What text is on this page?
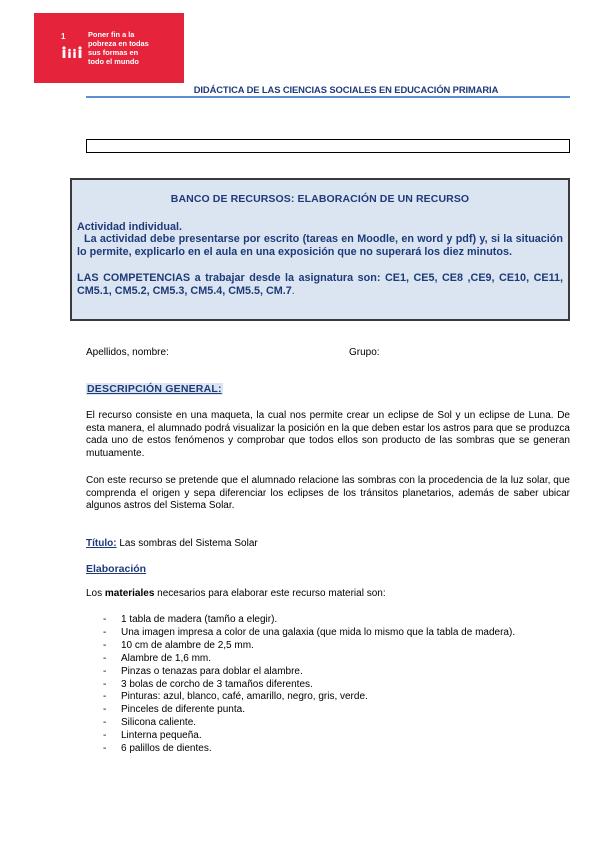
1	Poner fin a la
pobreza en todas
sus formas en
todo el mundo
DIDÁCTICA DE LAS CIENCIAS SOCIALES EN EDUCACIÓN PRIMARIA
BANCO DE RECURSOS: ELABORACIÓN DE UN RECURSO

Actividad individual.

La actividad debe presentarse por escrito (tareas en Moodle, en word y pdf) y, si la situación lo permite, explicarlo en el aula en una exposición que no superará los diez minutos.

LAS COMPETENCIAS a trabajar desde la asignatura son: CE1, CE5, CE8 ,CE9, CE10, CE11, CM5.1, CM5.2, CM5.3, CM5.4, CM5.5, CM.7.

Apellidos, nombre:	Grupo:
DESCRIPCIÓN GENERAL:

El recurso consiste en una maqueta, la cual nos permite crear un eclipse de Sol y un eclipse de Luna. De esta manera, el alumnado podrá visualizar la posición en la que deben estar los astros para que se produzca cada uno de estos fenómenos y comprobar que todos ellos son producto de las sombras que se generan mutuamente.

Con este recurso se pretende que el alumnado relacione las sombras con la procedencia de la luz solar, que comprenda el origen y sepa diferenciar los eclipses de los tránsitos planetarios, además de saber ubicar algunos astros del Sistema Solar.

Título: Las sombras del Sistema Solar
Elaboración
Los materiales necesarios para elaborar este recurso material son:
- 1 tabla de madera (tamño a elegir).
- Una imagen impresa a color de una galaxia (que mida lo mismo que la tabla de madera).
- 10 cm de alambre de 2,5 mm.
- Alambre de 1,6 mm.
- Pinzas o tenazas para doblar el alambre.
- 3 bolas de corcho de 3 tamaños diferentes.
- Pinturas: azul, blanco, café, amarillo, negro, gris, verde.
- Pinceles de diferente punta.
- Silicona caliente.
- Linterna pequeña.
- 6 palillos de dientes.
